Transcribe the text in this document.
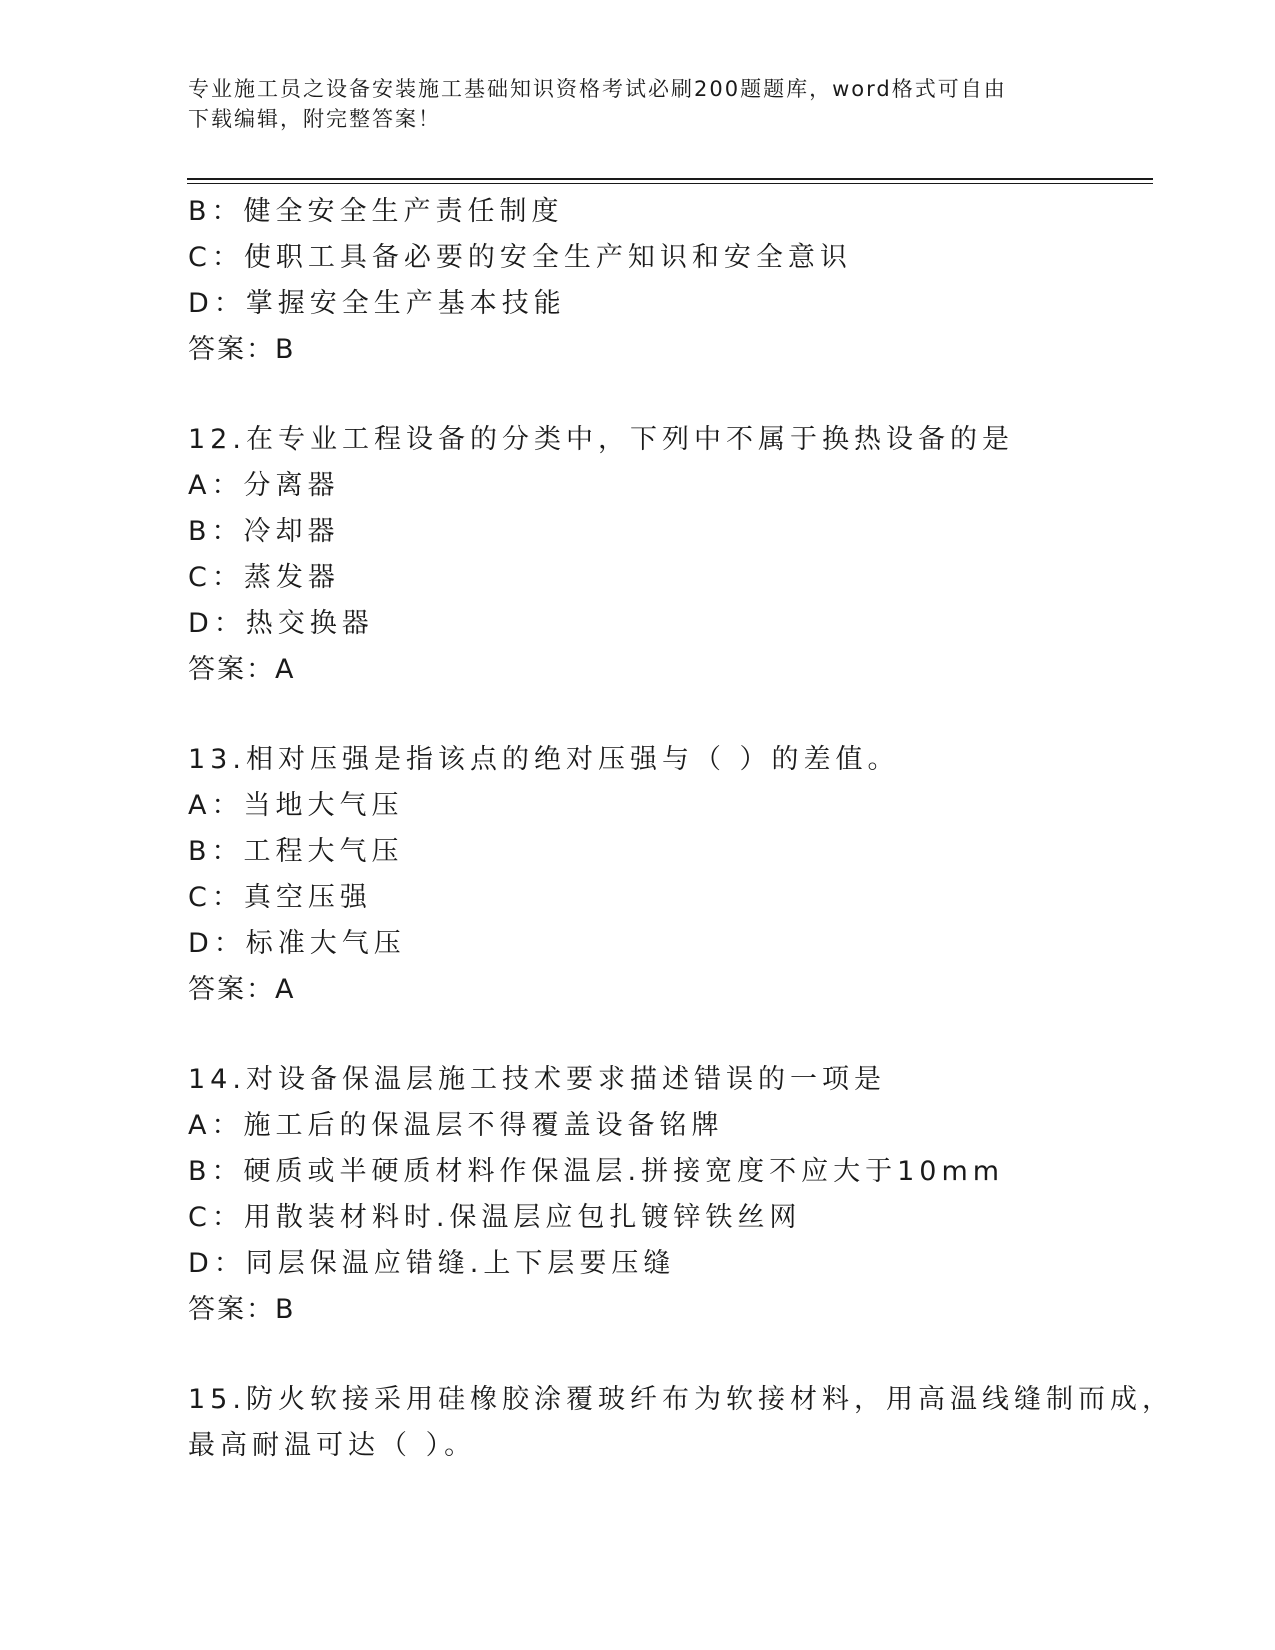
专业施工员之设备安装施工基础知识资格考试必刷200题题库，word格式可自由
下载编辑，附完整答案！
B：健全安全生产责任制度
C：使职工具备必要的安全生产知识和安全意识
D：掌握安全生产基本技能
答案：B
12.在专业工程设备的分类中，下列中不属于换热设备的是
A：分离器
B：冷却器
C：蒸发器
D：热交换器
答案：A
13.相对压强是指该点的绝对压强与（ ）的差值。
A：当地大气压
B：工程大气压
C：真空压强
D：标准大气压
答案：A
14.对设备保温层施工技术要求描述错误的一项是
A：施工后的保温层不得覆盖设备铭牌
B：硬质或半硬质材料作保温层.拼接宽度不应大于10mm
C：用散装材料时.保温层应包扎镀锌铁丝网
D：同层保温应错缝.上下层要压缝
答案：B
15.防火软接采用硅橡胶涂覆玻纤布为软接材料，用高温线缝制而成，
最高耐温可达（ ）。
